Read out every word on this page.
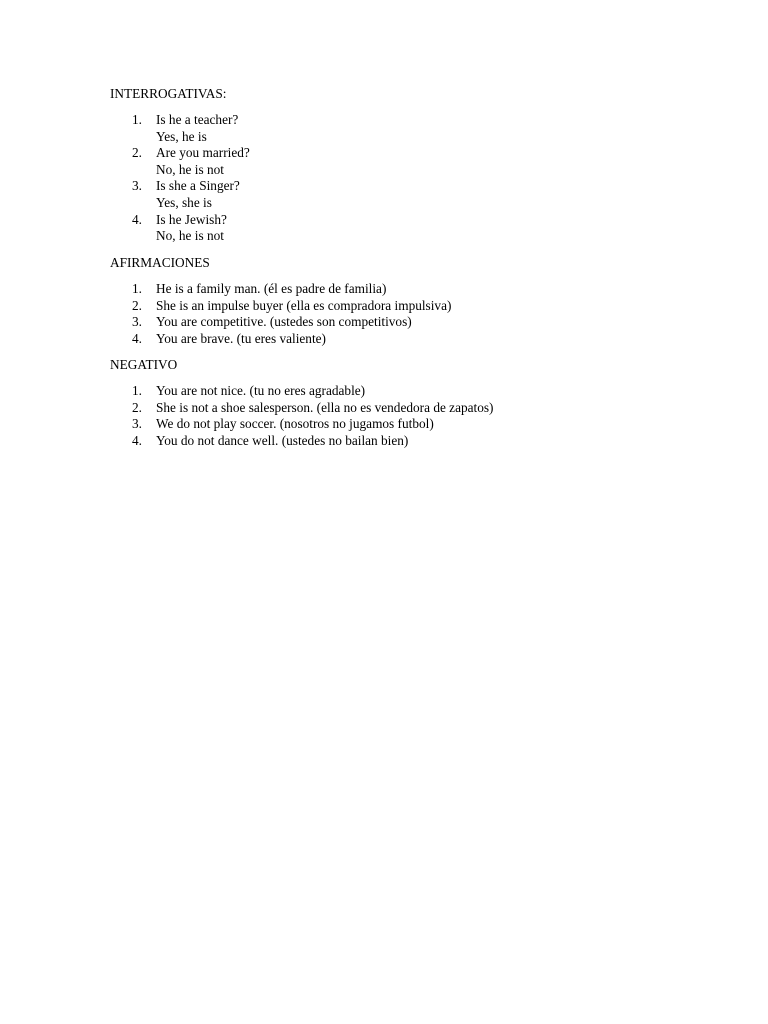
INTERROGATIVAS:
1. Is he a teacher?
Yes, he is
2. Are you married?
No, he is not
3. Is she a Singer?
Yes, she is
4. Is he Jewish?
No, he is not
AFIRMACIONES
1. He is a family man. (él es padre de familia)
2. She is an impulse buyer (ella es compradora impulsiva)
3. You are competitive. (ustedes son competitivos)
4. You are brave. (tu eres valiente)
NEGATIVO
1. You are not nice. (tu no eres agradable)
2. She is not a shoe salesperson. (ella no es vendedora de zapatos)
3. We do not play soccer. (nosotros no jugamos futbol)
4. You do not dance well. (ustedes no bailan bien)
